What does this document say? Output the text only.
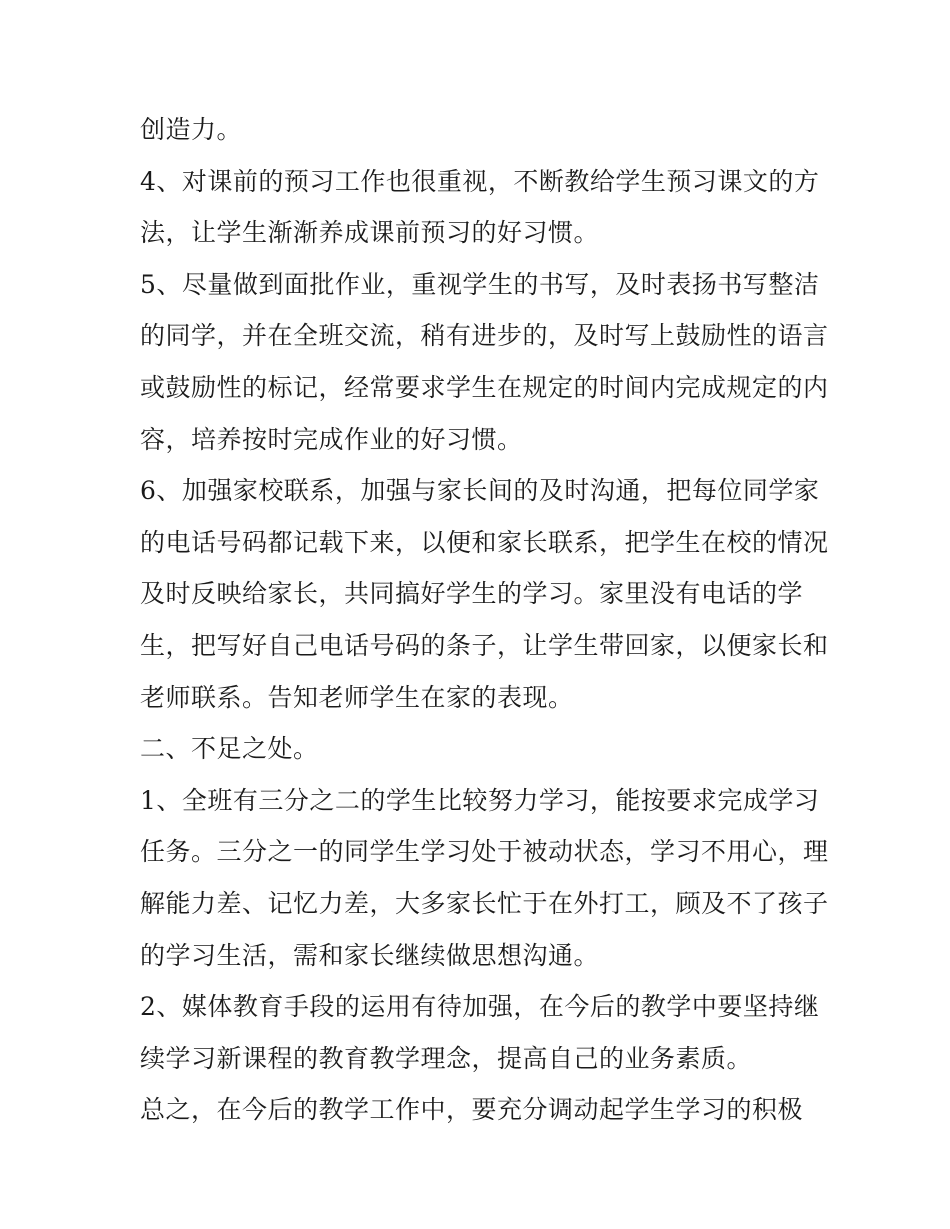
创造力。
4、对课前的预习工作也很重视，不断教给学生预习课文的方
法，让学生渐渐养成课前预习的好习惯。
5、尽量做到面批作业，重视学生的书写，及时表扬书写整洁
的同学，并在全班交流，稍有进步的，及时写上鼓励性的语言
或鼓励性的标记，经常要求学生在规定的时间内完成规定的内
容，培养按时完成作业的好习惯。
6、加强家校联系，加强与家长间的及时沟通，把每位同学家
的电话号码都记载下来，以便和家长联系，把学生在校的情况
及时反映给家长，共同搞好学生的学习。家里没有电话的学
生，把写好自己电话号码的条子，让学生带回家，以便家长和
老师联系。告知老师学生在家的表现。
二、不足之处。
1、全班有三分之二的学生比较努力学习，能按要求完成学习
任务。三分之一的同学生学习处于被动状态，学习不用心，理
解能力差、记忆力差，大多家长忙于在外打工，顾及不了孩子
的学习生活，需和家长继续做思想沟通。
2、媒体教育手段的运用有待加强，在今后的教学中要坚持继
续学习新课程的教育教学理念，提高自己的业务素质。
总之，在今后的教学工作中，要充分调动起学生学习的积极
